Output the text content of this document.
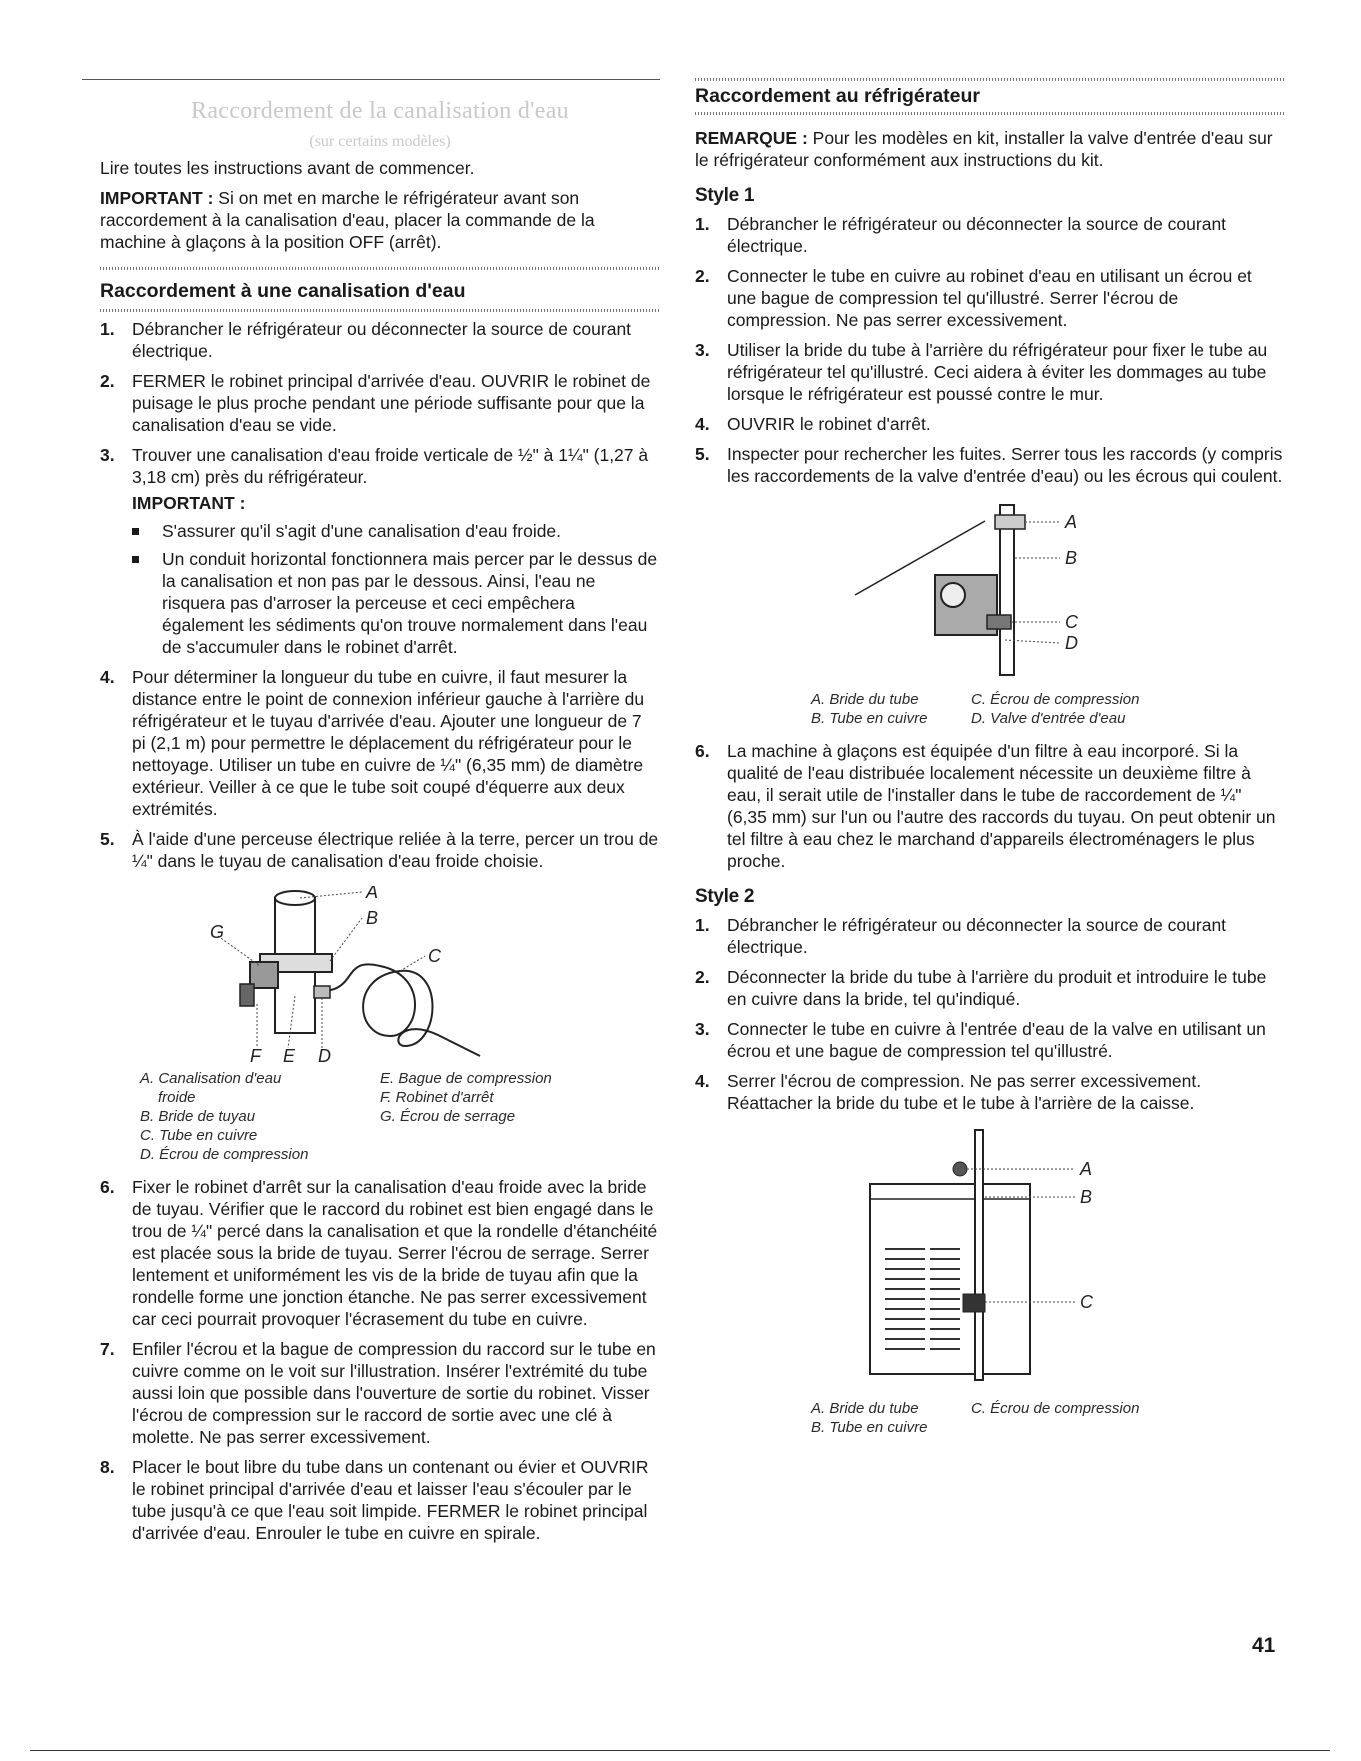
Raccordement de la canalisation d'eau
(sur certains modèles)

Lire toutes les instructions avant de commencer.

IMPORTANT : Si on met en marche le réfrigérateur avant son raccordement à la canalisation d'eau, placer la commande de la machine à glaçons à la position OFF (arrêt).

Raccordement à une canalisation d'eau
1. Débrancher le réfrigérateur ou déconnecter la source de courant électrique.
2. FERMER le robinet principal d'arrivée d'eau. OUVRIR le robinet de puisage le plus proche pendant une période suffisante pour que la canalisation d'eau se vide.
3. Trouver une canalisation d'eau froide verticale de ½" à 1¼" (1,27 à 3,18 cm) près du réfrigérateur.
IMPORTANT :
S'assurer qu'il s'agit d'une canalisation d'eau froide.
Un conduit horizontal fonctionnera mais percer par le dessus de la canalisation et non pas par le dessous. Ainsi, l'eau ne risquera pas d'arroser la perceuse et ceci empêchera également les sédiments qu'on trouve normalement dans l'eau de s'accumuler dans le robinet d'arrêt.
4. Pour déterminer la longueur du tube en cuivre, il faut mesurer la distance entre le point de connexion inférieur gauche à l'arrière du réfrigérateur et le tuyau d'arrivée d'eau. Ajouter une longueur de 7 pi (2,1 m) pour permettre le déplacement du réfrigérateur pour le nettoyage. Utiliser un tube en cuivre de ¼" (6,35 mm) de diamètre extérieur. Veiller à ce que le tube soit coupé d'équerre aux deux extrémités.
5. À l'aide d'une perceuse électrique reliée à la terre, percer un trou de ¼" dans le tuyau de canalisation d'eau froide choisie.
A
B
C
D
E
F
G
A. Canalisation d'eau
froide
B. Bride de tuyau
C. Tube en cuivre
D. Écrou de compression
E. Bague de compression
F. Robinet d'arrêt
G. Écrou de serrage
6. Fixer le robinet d'arrêt sur la canalisation d'eau froide avec la bride de tuyau. Vérifier que le raccord du robinet est bien engagé dans le trou de ¼" percé dans la canalisation et que la rondelle d'étanchéité est placée sous la bride de tuyau. Serrer l'écrou de serrage. Serrer lentement et uniformément les vis de la bride de tuyau afin que la rondelle forme une jonction étanche. Ne pas serrer excessivement car ceci pourrait provoquer l'écrasement du tube en cuivre.
7. Enfiler l'écrou et la bague de compression du raccord sur le tube en cuivre comme on le voit sur l'illustration. Insérer l'extrémité du tube aussi loin que possible dans l'ouverture de sortie du robinet. Visser l'écrou de compression sur le raccord de sortie avec une clé à molette. Ne pas serrer excessivement.
8. Placer le bout libre du tube dans un contenant ou évier et OUVRIR le robinet principal d'arrivée d'eau et laisser l'eau s'écouler par le tube jusqu'à ce que l'eau soit limpide. FERMER le robinet principal d'arrivée d'eau. Enrouler le tube en cuivre en spirale.
Raccordement au réfrigérateur

REMARQUE : Pour les modèles en kit, installer la valve d'entrée d'eau sur le réfrigérateur conformément aux instructions du kit.

Style 1
1. Débrancher le réfrigérateur ou déconnecter la source de courant électrique.
2. Connecter le tube en cuivre au robinet d'eau en utilisant un écrou et une bague de compression tel qu'illustré. Serrer l'écrou de compression. Ne pas serrer excessivement.
3. Utiliser la bride du tube à l'arrière du réfrigérateur pour fixer le tube au réfrigérateur tel qu'illustré. Ceci aidera à éviter les dommages au tube lorsque le réfrigérateur est poussé contre le mur.
4. OUVRIR le robinet d'arrêt.
5. Inspecter pour rechercher les fuites. Serrer tous les raccords (y compris les raccordements de la valve d'entrée d'eau) ou les écrous qui coulent.
A
B
C
D
A. Bride du tube
B. Tube en cuivre
C. Écrou de compression
D. Valve d'entrée d'eau
6. La machine à glaçons est équipée d'un filtre à eau incorporé. Si la qualité de l'eau distribuée localement nécessite un deuxième filtre à eau, il serait utile de l'installer dans le tube de raccordement de ¼" (6,35 mm) sur l'un ou l'autre des raccords du tuyau. On peut obtenir un tel filtre à eau chez le marchand d'appareils électroménagers le plus proche.
Style 2
1. Débrancher le réfrigérateur ou déconnecter la source de courant électrique.
2. Déconnecter la bride du tube à l'arrière du produit et introduire le tube en cuivre dans la bride, tel qu'indiqué.
3. Connecter le tube en cuivre à l'entrée d'eau de la valve en utilisant un écrou et une bague de compression tel qu'illustré.
4. Serrer l'écrou de compression. Ne pas serrer excessivement. Réattacher la bride du tube et le tube à l'arrière de la caisse.
A
B
C
A. Bride du tube
B. Tube en cuivre
C. Écrou de compression
41
